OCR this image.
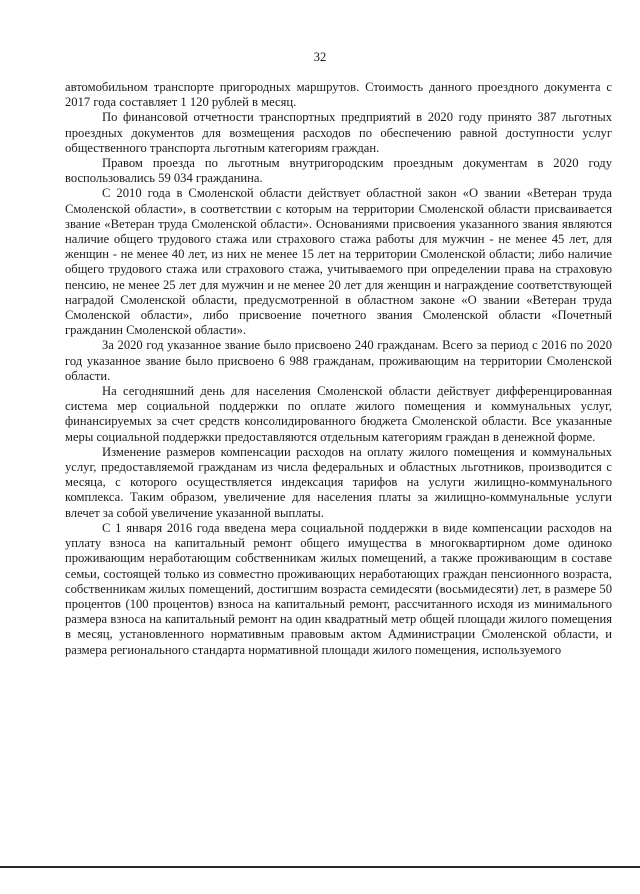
32

автомобильном транспорте пригородных маршрутов. Стоимость данного проездного документа с 2017 года составляет 1 120 рублей в месяц.

По финансовой отчетности транспортных предприятий в 2020 году принято 387 льготных проездных документов для возмещения расходов по обеспечению равной доступности услуг общественного транспорта льготным категориям граждан.

Правом проезда по льготным внутригородским проездным документам в 2020 году воспользовались 59 034 гражданина.

С 2010 года в Смоленской области действует областной закон «О звании «Ветеран труда Смоленской области», в соответствии с которым на территории Смоленской области присваивается звание «Ветеран труда Смоленской области». Основаниями присвоения указанного звания являются наличие общего трудового стажа или страхового стажа работы для мужчин - не менее 45 лет, для женщин - не менее 40 лет, из них не менее 15 лет на территории Смоленской области; либо наличие общего трудового стажа или страхового стажа, учитываемого при определении права на страховую пенсию, не менее 25 лет для мужчин и не менее 20 лет для женщин и награждение соответствующей наградой Смоленской области, предусмотренной в областном законе «О звании «Ветеран труда Смоленской области», либо присвоение почетного звания Смоленской области «Почетный гражданин Смоленской области».

За 2020 год указанное звание было присвоено 240 гражданам. Всего за период с 2016 по 2020 год указанное звание было присвоено 6 988 гражданам, проживающим на территории Смоленской области.

На сегодняшний день для населения Смоленской области действует дифференцированная система мер социальной поддержки по оплате жилого помещения и коммунальных услуг, финансируемых за счет средств консолидированного бюджета Смоленской области. Все указанные меры социальной поддержки предоставляются отдельным категориям граждан в денежной форме.

Изменение размеров компенсации расходов на оплату жилого помещения и коммунальных услуг, предоставляемой гражданам из числа федеральных и областных льготников, производится с месяца, с которого осуществляется индексация тарифов на услуги жилищно-коммунального комплекса. Таким образом, увеличение для населения платы за жилищно-коммунальные услуги влечет за собой увеличение указанной выплаты.

С 1 января 2016 года введена мера социальной поддержки в виде компенсации расходов на уплату взноса на капитальный ремонт общего имущества в многоквартирном доме одиноко проживающим неработающим собственникам жилых помещений, а также проживающим в составе семьи, состоящей только из совместно проживающих неработающих граждан пенсионного возраста, собственникам жилых помещений, достигшим возраста семидесяти (восьмидесяти) лет, в размере 50 процентов (100 процентов) взноса на капитальный ремонт, рассчитанного исходя из минимального размера взноса на капитальный ремонт на один квадратный метр общей площади жилого помещения в месяц, установленного нормативным правовым актом Администрации Смоленской области, и размера регионального стандарта нормативной площади жилого помещения, используемого
